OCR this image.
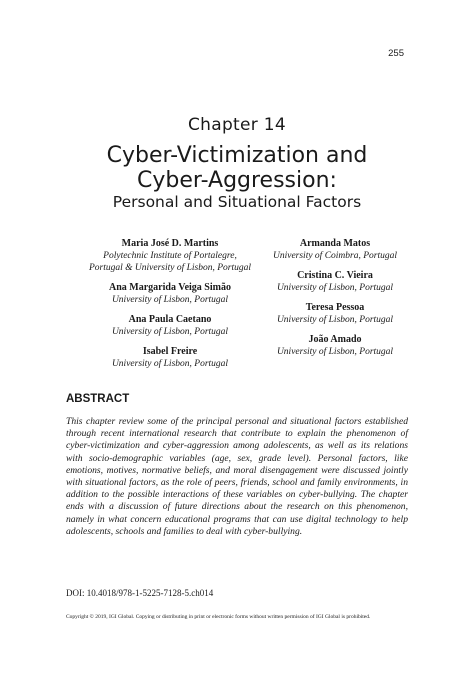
255
Chapter 14
Cyber-Victimization and
Cyber-Aggression:
Personal and Situational Factors
Maria José D. Martins
Polytechnic Institute of Portalegre,
Portugal & University of Lisbon, Portugal
Ana Margarida Veiga Simão
University of Lisbon, Portugal
Ana Paula Caetano
University of Lisbon, Portugal
Isabel Freire
University of Lisbon, Portugal
Armanda Matos
University of Coimbra, Portugal
Cristina C. Vieira
University of Lisbon, Portugal
Teresa Pessoa
University of Lisbon, Portugal
João Amado
University of Lisbon, Portugal
ABSTRACT

This chapter review some of the principal personal and situational factors established through recent international research that contribute to explain the phenomenon of cyber-victimization and cyber-aggression among adolescents, as well as its relations with socio-demographic variables (age, sex, grade level). Personal factors, like emotions, motives, normative beliefs, and moral disengagement were discussed jointly with situational factors, as the role of peers, friends, school and family environments, in addition to the possible interactions of these variables on cyber-bullying. The chapter ends with a discussion of future directions about the research on this phenomenon, namely in what concern educational programs that can use digital technology to help adolescents, schools and families to deal with cyber-bullying.

DOI: 10.4018/978-1-5225-7128-5.ch014
Copyright © 2019, IGI Global. Copying or distributing in print or electronic forms without written permission of IGI Global is prohibited.
